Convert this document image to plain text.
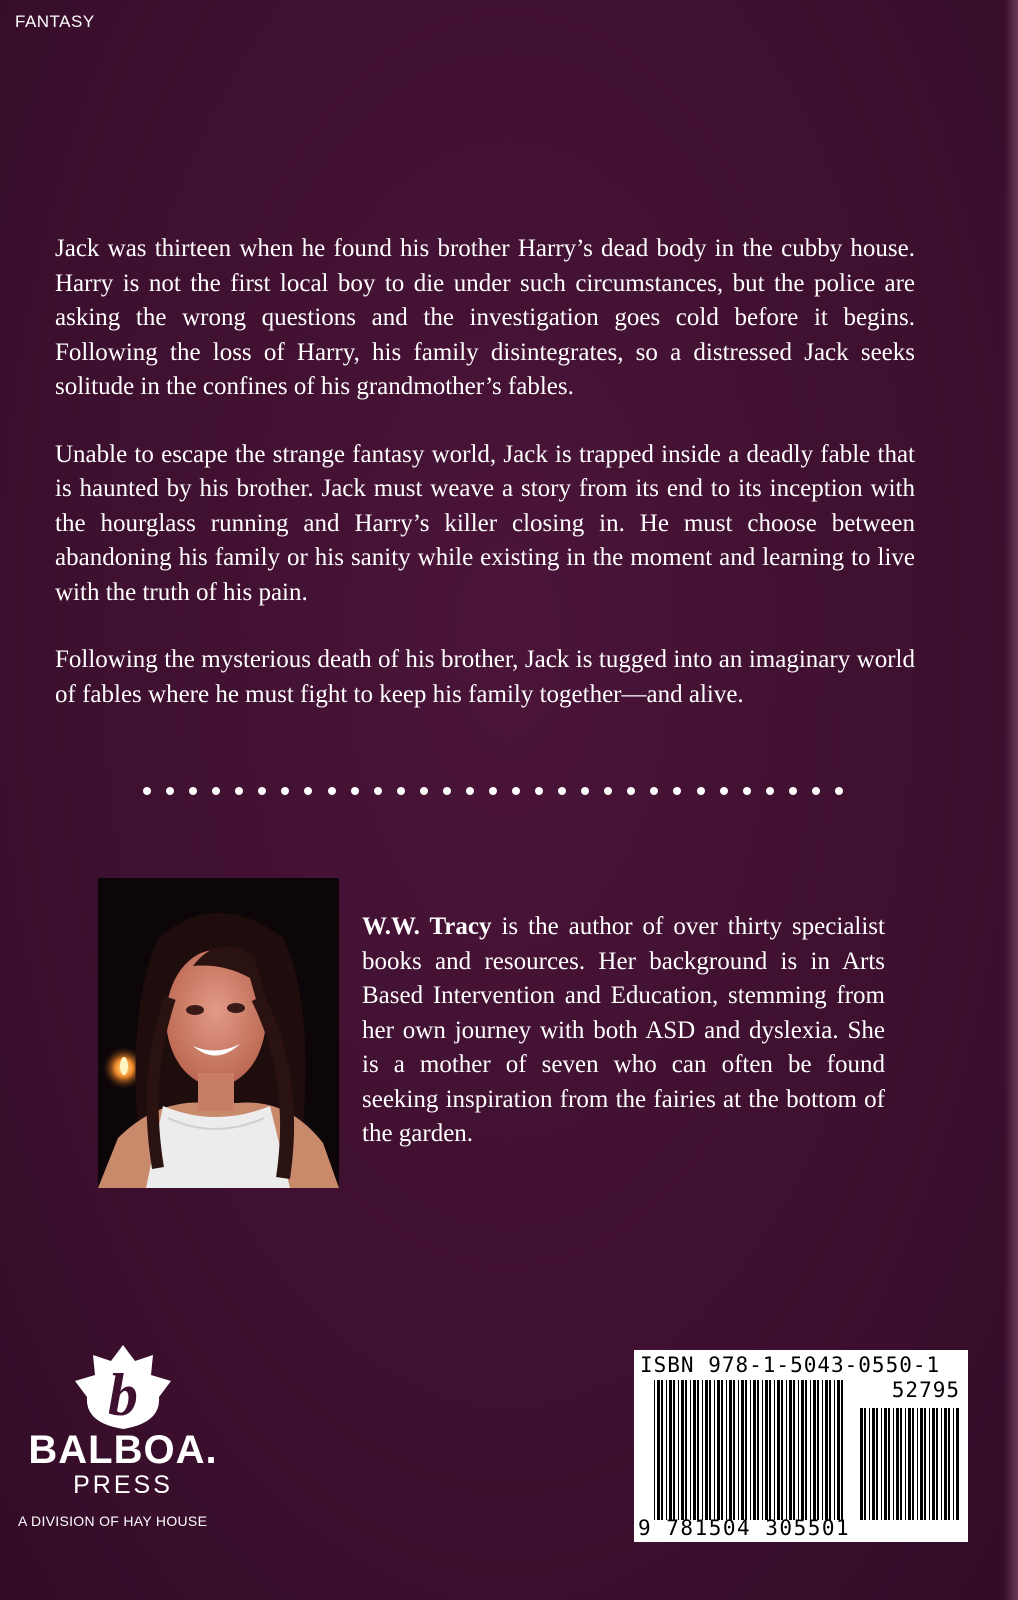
FANTASY

Jack was thirteen when he found his brother Harry’s dead body in the cubby house. Harry is not the first local boy to die under such circumstances, but the police are asking the wrong questions and the investigation goes cold before it begins. Following the loss of Harry, his family disintegrates, so a distressed Jack seeks solitude in the confines of his grandmother’s fables.

Unable to escape the strange fantasy world, Jack is trapped inside a deadly fable that is haunted by his brother. Jack must weave a story from its end to its inception with the hourglass running and Harry’s killer closing in. He must choose between abandoning his family or his sanity while existing in the moment and learning to live with the truth of his pain.

Following the mysterious death of his brother, Jack is tugged into an imaginary world of fables where he must fight to keep his family together—and alive.

W.W. Tracy is the author of over thirty specialist books and resources. Her background is in Arts Based Intervention and Education, stemming from her own journey with both ASD and dyslexia. She is a mother of seven who can often be found seeking inspiration from the fairies at the bottom of the garden.

b
BALBOA.
PRESS
A DIVISION OF HAY HOUSE
ISBN 978-1-5043-0550-1
52795
9 781504 305501
